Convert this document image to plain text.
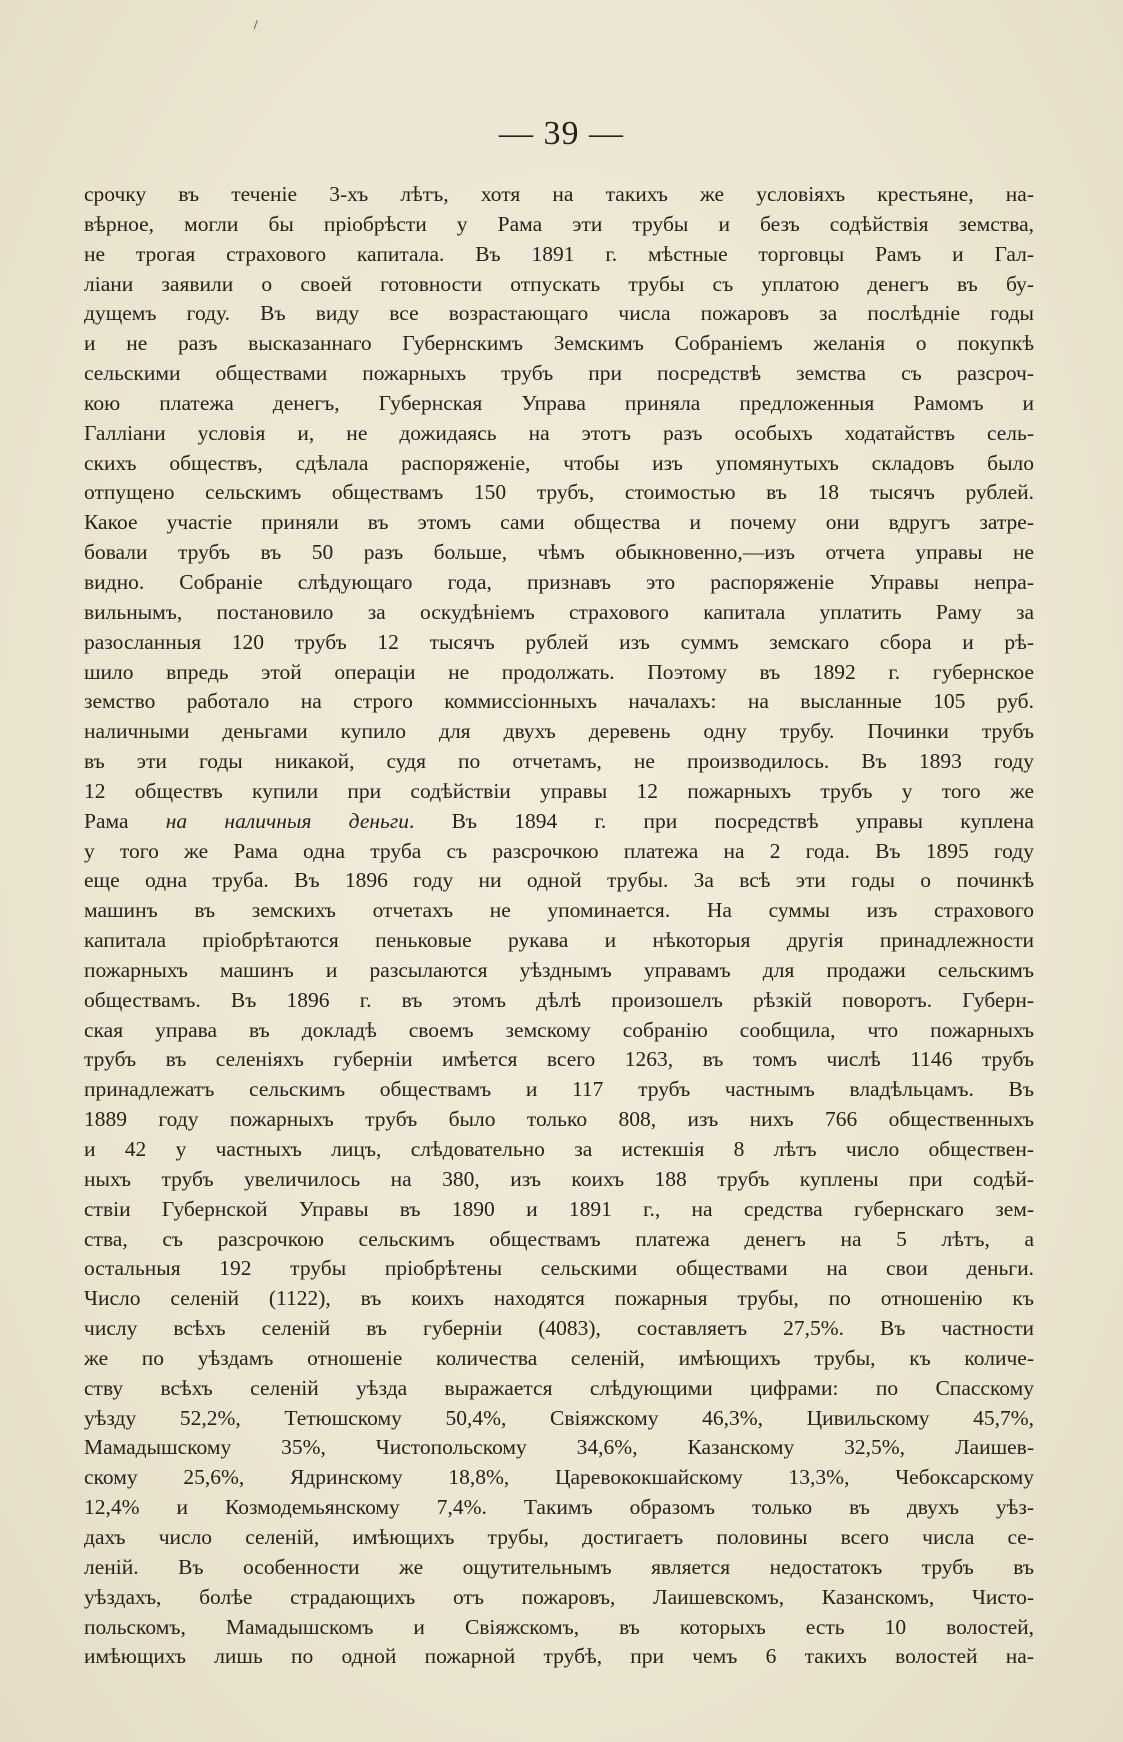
⸍
— 39 —
срочку въ теченіе 3-хъ лѣтъ, хотя на такихъ же условіяхъ крестьяне, на-
вѣрное, могли бы пріобрѣсти у Рама эти трубы и безъ содѣйствія земства,
не трогая страхового капитала. Въ 1891 г. мѣстные торговцы Рамъ и Гал-
ліани заявили о своей готовности отпускать трубы съ уплатою денегъ въ бу-
дущемъ году. Въ виду все возрастающаго числа пожаровъ за послѣдніе годы
и не разъ высказаннаго Губернскимъ Земскимъ Собраніемъ желанія о покупкѣ
сельскими обществами пожарныхъ трубъ при посредствѣ земства съ разсроч-
кою платежа денегъ, Губернская Управа приняла предложенныя Рамомъ и
Галліани условія и, не дожидаясь на этотъ разъ особыхъ ходатайствъ сель-
скихъ обществъ, сдѣлала распоряженіе, чтобы изъ упомянутыхъ складовъ было
отпущено сельскимъ обществамъ 150 трубъ, стоимостью въ 18 тысячъ рублей.
Какое участіе приняли въ этомъ сами общества и почему они вдругъ затре-
бовали трубъ въ 50 разъ больше, чѣмъ обыкновенно,—изъ отчета управы не
видно. Собраніе слѣдующаго года, признавъ это распоряженіе Управы непра-
вильнымъ, постановило за оскудѣніемъ страхового капитала уплатить Раму за
разосланныя 120 трубъ 12 тысячъ рублей изъ суммъ земскаго сбора и рѣ-
шило впредь этой операціи не продолжать. Поэтому въ 1892 г. губернское
земство работало на строго коммиссіонныхъ началахъ: на высланные 105 руб.
наличными деньгами купило для двухъ деревень одну трубу. Починки трубъ
въ эти годы никакой, судя по отчетамъ, не производилось. Въ 1893 году
12 обществъ купили при содѣйствіи управы 12 пожарныхъ трубъ у того же
Рама на наличныя деньги. Въ 1894 г. при посредствѣ управы куплена
у того же Рама одна труба съ разсрочкою платежа на 2 года. Въ 1895 году
еще одна труба. Въ 1896 году ни одной трубы. За всѣ эти годы о починкѣ
машинъ въ земскихъ отчетахъ не упоминается. На суммы изъ страхового
капитала пріобрѣтаются пеньковые рукава и нѣкоторыя другія принадлежности
пожарныхъ машинъ и разсылаются уѣзднымъ управамъ для продажи сельскимъ
обществамъ. Въ 1896 г. въ этомъ дѣлѣ произошелъ рѣзкій поворотъ. Губерн-
ская управа въ докладѣ своемъ земскому собранію сообщила, что пожарныхъ
трубъ въ селеніяхъ губерніи имѣется всего 1263, въ томъ числѣ 1146 трубъ
принадлежатъ сельскимъ обществамъ и 117 трубъ частнымъ владѣльцамъ. Въ
1889 году пожарныхъ трубъ было только 808, изъ нихъ 766 общественныхъ
и 42 у частныхъ лицъ, слѣдовательно за истекшія 8 лѣтъ число обществен-
ныхъ трубъ увеличилось на 380, изъ коихъ 188 трубъ куплены при содѣй-
ствіи Губернской Управы въ 1890 и 1891 г., на средства губернскаго зем-
ства, съ разсрочкою сельскимъ обществамъ платежа денегъ на 5 лѣтъ, а
остальныя 192 трубы пріобрѣтены сельскими обществами на свои деньги.
Число селеній (1122), въ коихъ находятся пожарныя трубы, по отношенію къ
числу всѣхъ селеній въ губерніи (4083), составляетъ 27,5%. Въ частности
же по уѣздамъ отношеніе количества селеній, имѣющихъ трубы, къ количе-
ству всѣхъ селеній уѣзда выражается слѣдующими цифрами: по Спасскому
уѣзду 52,2%, Тетюшскому 50,4%, Свіяжскому 46,3%, Цивильскому 45,7%,
Мамадышскому 35%, Чистопольскому 34,6%, Казанскому 32,5%, Лаишев-
скому 25,6%, Ядринскому 18,8%, Царевококшайскому 13,3%, Чебоксарскому
12,4% и Козмодемьянскому 7,4%. Такимъ образомъ только въ двухъ уѣз-
дахъ число селеній, имѣющихъ трубы, достигаетъ половины всего числа се-
леній. Въ особенности же ощутительнымъ является недостатокъ трубъ въ
уѣздахъ, болѣе страдающихъ отъ пожаровъ, Лаишевскомъ, Казанскомъ, Чисто-
польскомъ, Мамадышскомъ и Свіяжскомъ, въ которыхъ есть 10 волостей,
имѣющихъ лишь по одной пожарной трубѣ, при чемъ 6 такихъ волостей на-
